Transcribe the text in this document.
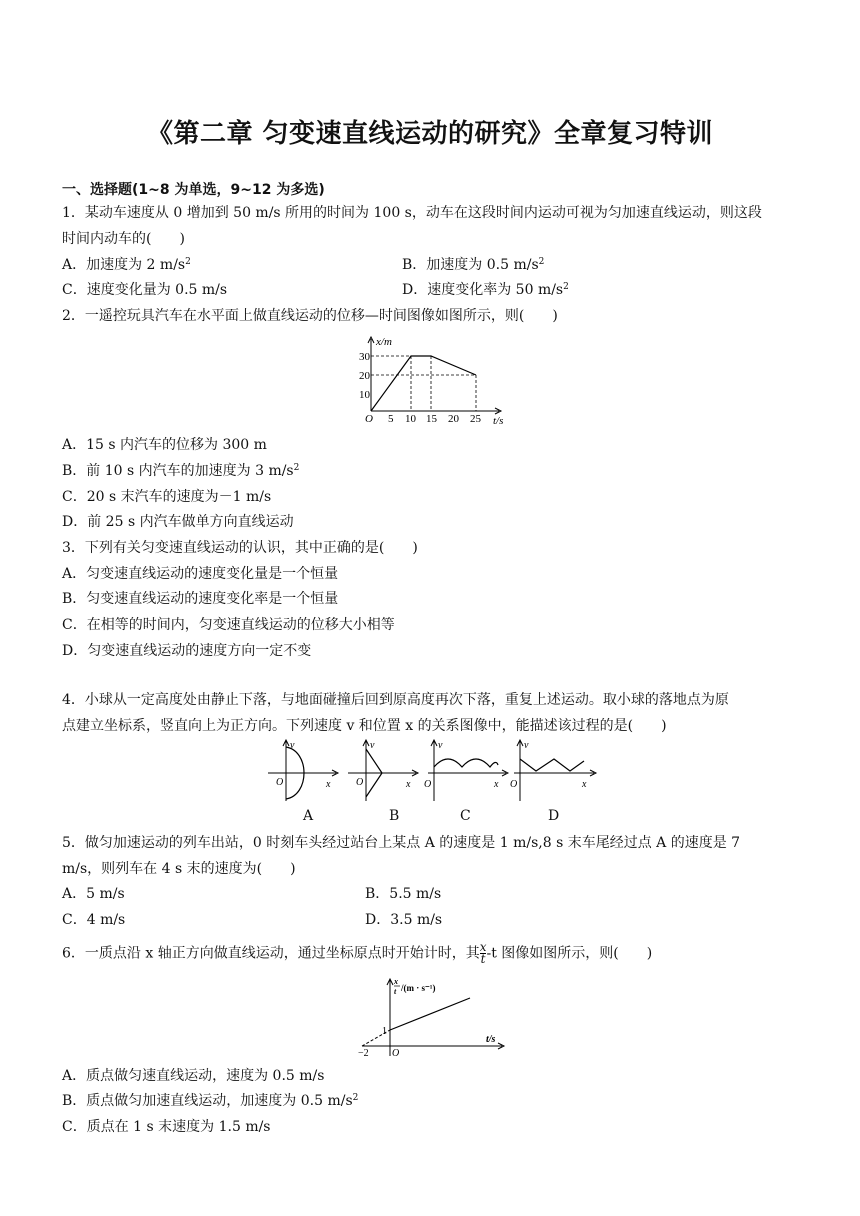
《第二章 匀变速直线运动的研究》全章复习特训
一、选择题(1~8 为单选，9~12 为多选)
1．某动车速度从 0 增加到 50 m/s 所用的时间为 100 s，动车在这段时间内运动可视为匀加速直线运动，则这段
时间内动车的(　　)
A．加速度为 2 $m/s^2$	B．加速度为 0.5 $m/s^2$
C．速度变化量为 0.5 m/s	D．速度变化率为 50 $m/s^2$
2．一遥控玩具汽车在水平面上做直线运动的位移—时间图像如图所示，则(　　)
x/m
10
20
30
O 5 10 15 20 25 t/s
A．15 s 内汽车的位移为 300 m
B．前 10 s 内汽车的加速度为 3 $m/s^2$
C．20 s 末汽车的速度为－1 m/s
D．前 25 s 内汽车做单方向直线运动
3．下列有关匀变速直线运动的认识，其中正确的是(　　)
A．匀变速直线运动的速度变化量是一个恒量
B．匀变速直线运动的速度变化率是一个恒量
C．在相等的时间内，匀变速直线运动的位移大小相等
D．匀变速直线运动的速度方向一定不变
4．小球从一定高度处由静止下落，与地面碰撞后回到原高度再次下落，重复上述运动。取小球的落地点为原
点建立坐标系，竖直向上为正方向。下列速度 v 和位置 x 的关系图像中，能描述该过程的是(　　)
v
O	x
v
O	x
v
O	x
v
O	x
A	B	C	D
5．做匀加速运动的列车出站，0 时刻车头经过站台上某点 A 的速度是 1 m/s,8 s 末车尾经过点 A 的速度是 7
m/s，则列车在 4 s 末的速度为(　　)
A．5 m/s	B．5.5 m/s
C．4 m/s	D．3.5 m/s
6．一质点沿 x 轴正方向做直线运动，通过坐标原点时开始计时，其 $\frac{x}{t} -t$ 图像如图所示，则(　　)
x
t /(m · s⁻¹)
1
−2 O
t/s
A．质点做匀速直线运动，速度为 0.5 m/s
B．质点做匀加速直线运动，加速度为 0.5 $m/s^2$
C．质点在 1 s 末速度为 1.5 m/s
